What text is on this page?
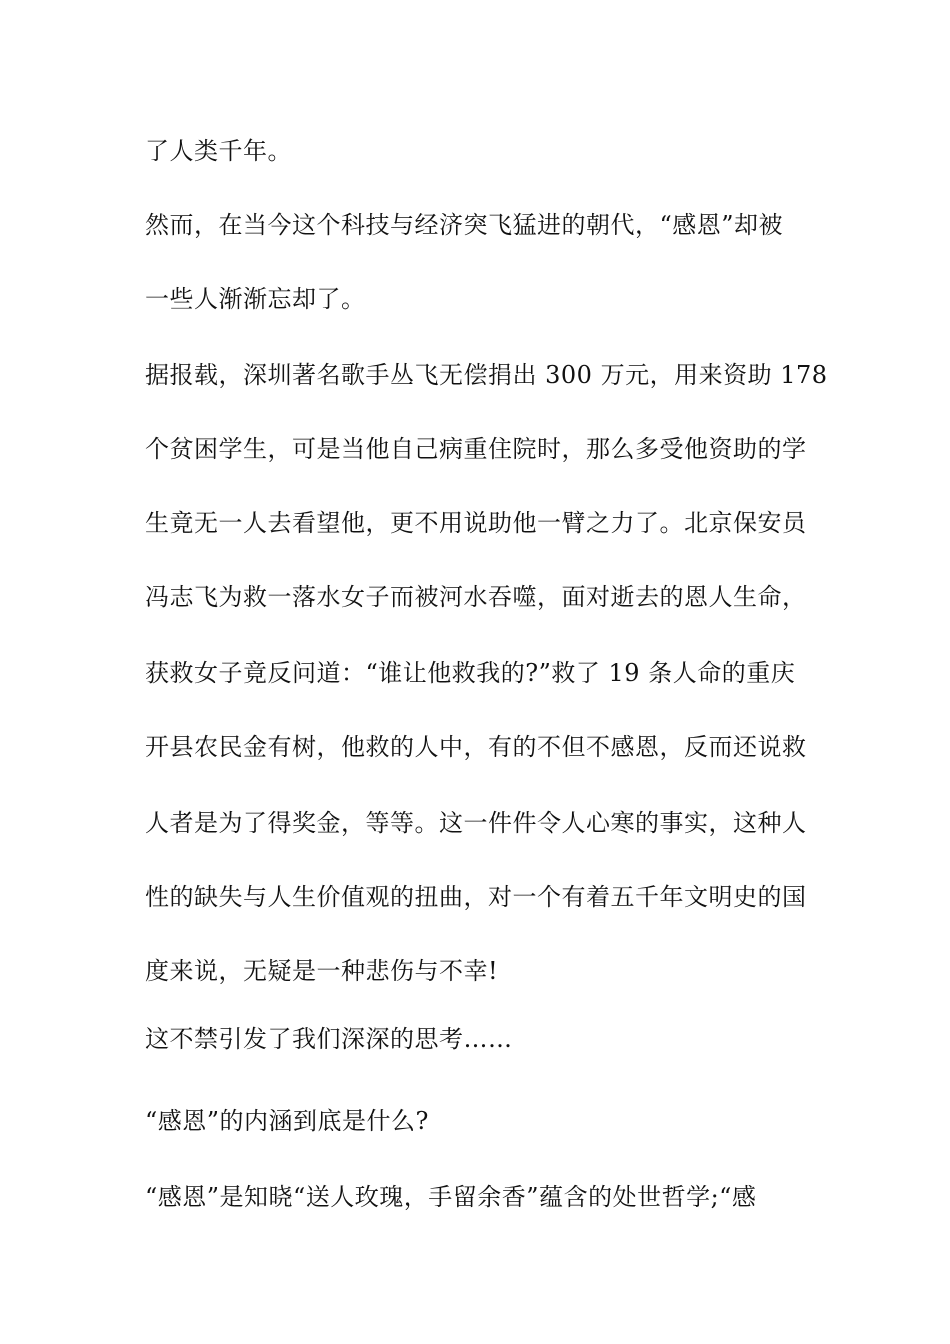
了人类千年。
然而，在当今这个科技与经济突飞猛进的朝代，“感恩”却被
一些人渐渐忘却了。
据报载，深圳著名歌手丛飞无偿捐出 300 万元，用来资助 178
个贫困学生，可是当他自己病重住院时，那么多受他资助的学
生竟无一人去看望他，更不用说助他一臂之力了。北京保安员
冯志飞为救一落水女子而被河水吞噬，面对逝去的恩人生命，
获救女子竟反问道：“谁让他救我的?”救了 19 条人命的重庆
开县农民金有树，他救的人中，有的不但不感恩，反而还说救
人者是为了得奖金，等等。这一件件令人心寒的事实，这种人
性的缺失与人生价值观的扭曲，对一个有着五千年文明史的国
度来说，无疑是一种悲伤与不幸!
这不禁引发了我们深深的思考……
“感恩”的内涵到底是什么?
“感恩”是知晓“送人玫瑰，手留余香”蕴含的处世哲学;“感
